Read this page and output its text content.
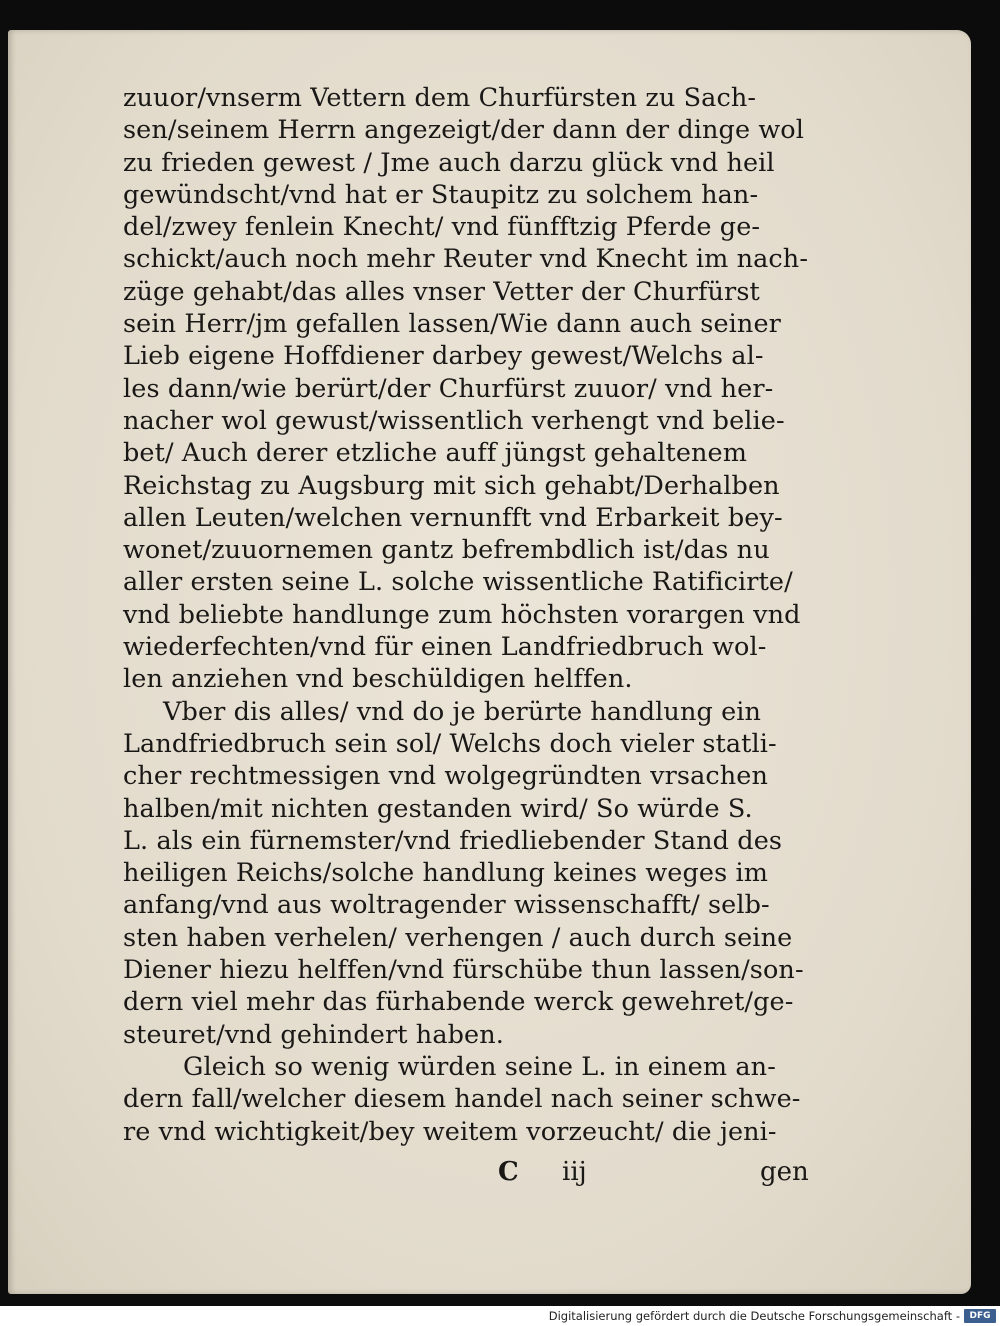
zuuor/vnserm Vettern dem Churfürsten zu Sach-
sen/seinem Herrn angezeigt/der dann der dinge wol
zu frieden gewest / Jme auch darzu glück vnd heil
gewündscht/vnd hat er Staupitz zu solchem han-
del/zwey fenlein Knecht/ vnd fünfftzig Pferde ge-
schickt/auch noch mehr Reuter vnd Knecht im nach-
züge gehabt/das alles vnser Vetter der Churfürst
sein Herr/jm gefallen lassen/Wie dann auch seiner
Lieb eigene Hoffdiener darbey gewest/Welchs al-
les dann/wie berürt/der Churfürst zuuor/ vnd her-
nacher wol gewust/wissentlich verhengt vnd belie-
bet/ Auch derer etzliche auff jüngst gehaltenem
Reichstag zu Augsburg mit sich gehabt/Derhalben
allen Leuten/welchen vernunfft vnd Erbarkeit bey-
wonet/zuuornemen gantz befrembdlich ist/das nu
aller ersten seine L. solche wissentliche Ratificirte/
vnd beliebte handlunge zum höchsten vorargen vnd
wiederfechten/vnd für einen Landfriedbruch wol-
len anziehen vnd beschüldigen helffen.
Vber dis alles/ vnd do je berürte handlung ein
Landfriedbruch sein sol/ Welchs doch vieler statli-
cher rechtmessigen vnd wolgegründten vrsachen
halben/mit nichten gestanden wird/ So würde S.
L. als ein fürnemster/vnd friedliebender Stand des
heiligen Reichs/solche handlung keines weges im
anfang/vnd aus woltragender wissenschafft/ selb-
sten haben verhelen/ verhengen / auch durch seine
Diener hiezu helffen/vnd fürschübe thun lassen/son-
dern viel mehr das fürhabende werck gewehret/ge-
steuret/vnd gehindert haben.
Gleich so wenig würden seine L. in einem an-
dern fall/welcher diesem handel nach seiner schwe-
re vnd wichtigkeit/bey weitem vorzeucht/ die jeni-
C iij	gen
Digitalisierung gefördert durch die Deutsche Forschungsgemeinschaft -	DFG
